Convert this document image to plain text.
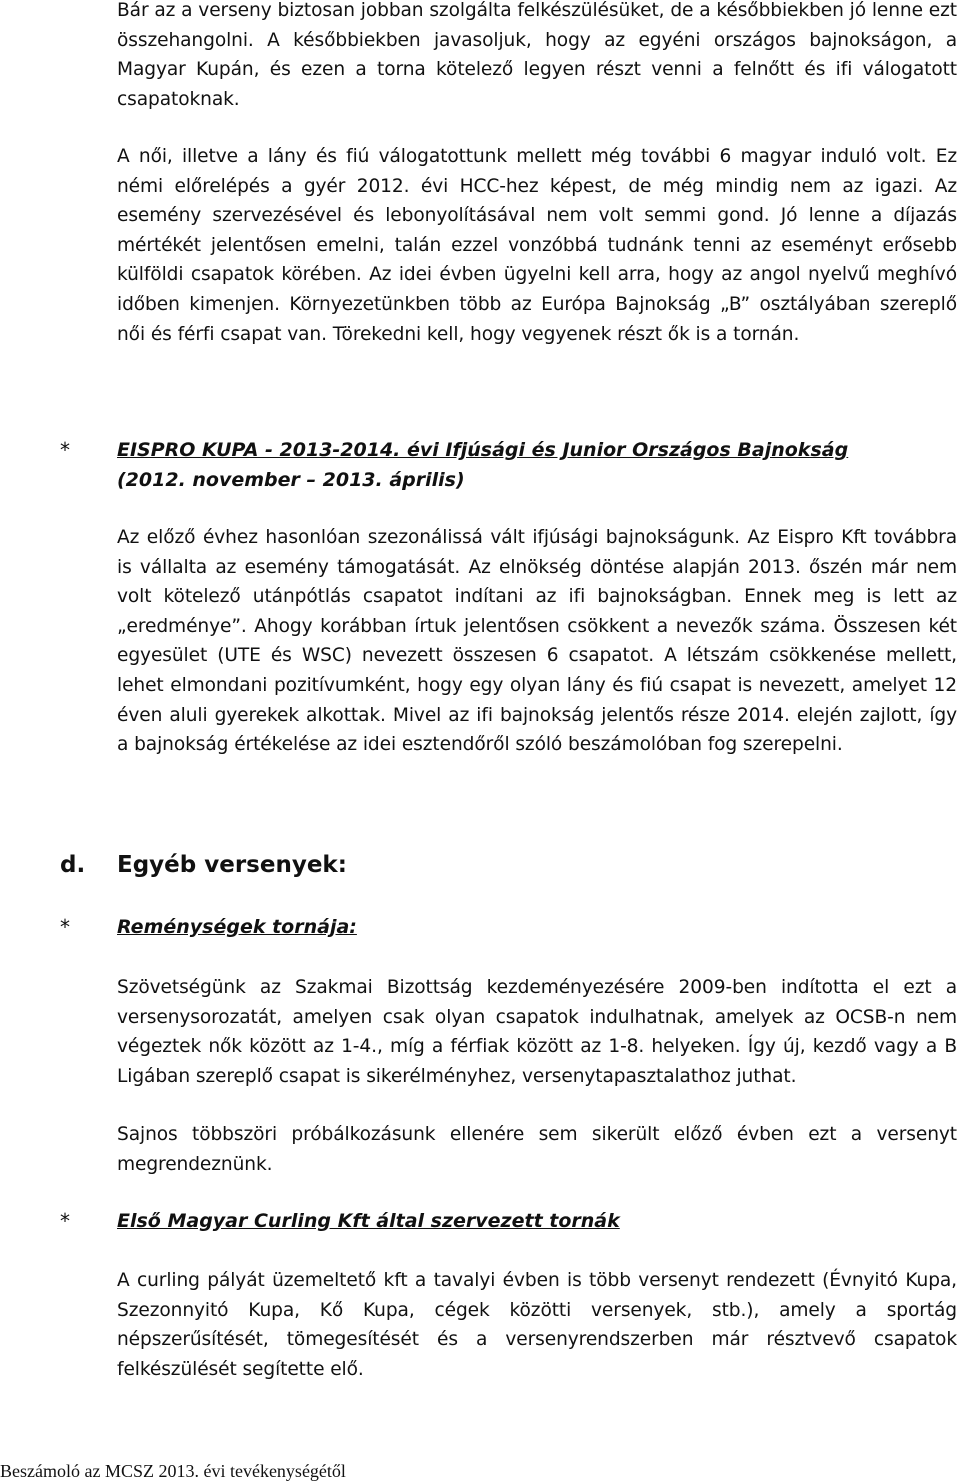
Bár az a verseny biztosan jobban szolgálta felkészülésüket, de a későbbiekben jó lenne ezt összehangolni. A későbbiekben javasoljuk, hogy az egyéni országos bajnokságon, a Magyar Kupán, és ezen a torna kötelező legyen részt venni a felnőtt és ifi válogatott csapatoknak.

A női, illetve a lány és fiú válogatottunk mellett még további 6 magyar induló volt. Ez némi előrelépés a gyér 2012. évi HCC-hez képest, de még mindig nem az igazi. Az esemény szervezésével és lebonyolításával nem volt semmi gond. Jó lenne a díjazás mértékét jelentősen emelni, talán ezzel vonzóbbá tudnánk tenni az eseményt erősebb külföldi csapatok körében. Az idei évben ügyelni kell arra, hogy az angol nyelvű meghívó időben kimenjen. Környezetünkben több az Európa Bajnokság „B” osztályában szereplő női és férfi csapat van. Törekedni kell, hogy vegyenek részt ők is a tornán.

* EISPRO KUPA - 2013-2014. évi Ifjúsági és Junior Országos Bajnokság
(2012. november – 2013. április)

Az előző évhez hasonlóan szezonálissá vált ifjúsági bajnokságunk. Az Eispro Kft továbbra is vállalta az esemény támogatását. Az elnökség döntése alapján 2013. őszén már nem volt kötelező utánpótlás csapatot indítani az ifi bajnokságban. Ennek meg is lett az „eredménye”. Ahogy korábban írtuk jelentősen csökkent a nevezők száma. Összesen két egyesület (UTE és WSC) nevezett összesen 6 csapatot. A létszám csökkenése mellett, lehet elmondani pozitívumként, hogy egy olyan lány és fiú csapat is nevezett, amelyet 12 éven aluli gyerekek alkottak. Mivel az ifi bajnokság jelentős része 2014. elején zajlott, így a bajnokság értékelése az idei esztendőről szóló beszámolóban fog szerepelni.

d. Egyéb versenyek:
* Reménységek tornája:

Szövetségünk az Szakmai Bizottság kezdeményezésére 2009-ben indította el ezt a versenysorozatát, amelyen csak olyan csapatok indulhatnak, amelyek az OCSB-n nem végeztek nők között az 1-4., míg a férfiak között az 1-8. helyeken. Így új, kezdő vagy a B Ligában szereplő csapat is sikerélményhez, versenytapasztalathoz juthat.

Sajnos többszöri próbálkozásunk ellenére sem sikerült előző évben ezt a versenyt megrendeznünk.

* Első Magyar Curling Kft által szervezett tornák

A curling pályát üzemeltető kft a tavalyi évben is több versenyt rendezett (Évnyitó Kupa, Szezonnyitó Kupa, Kő Kupa, cégek közötti versenyek, stb.), amely a sportág népszerűsítését, tömegesítését és a versenyrendszerben már résztvevő csapatok felkészülését segítette elő.

Beszámoló az MCSZ 2013. évi tevékenységétől
